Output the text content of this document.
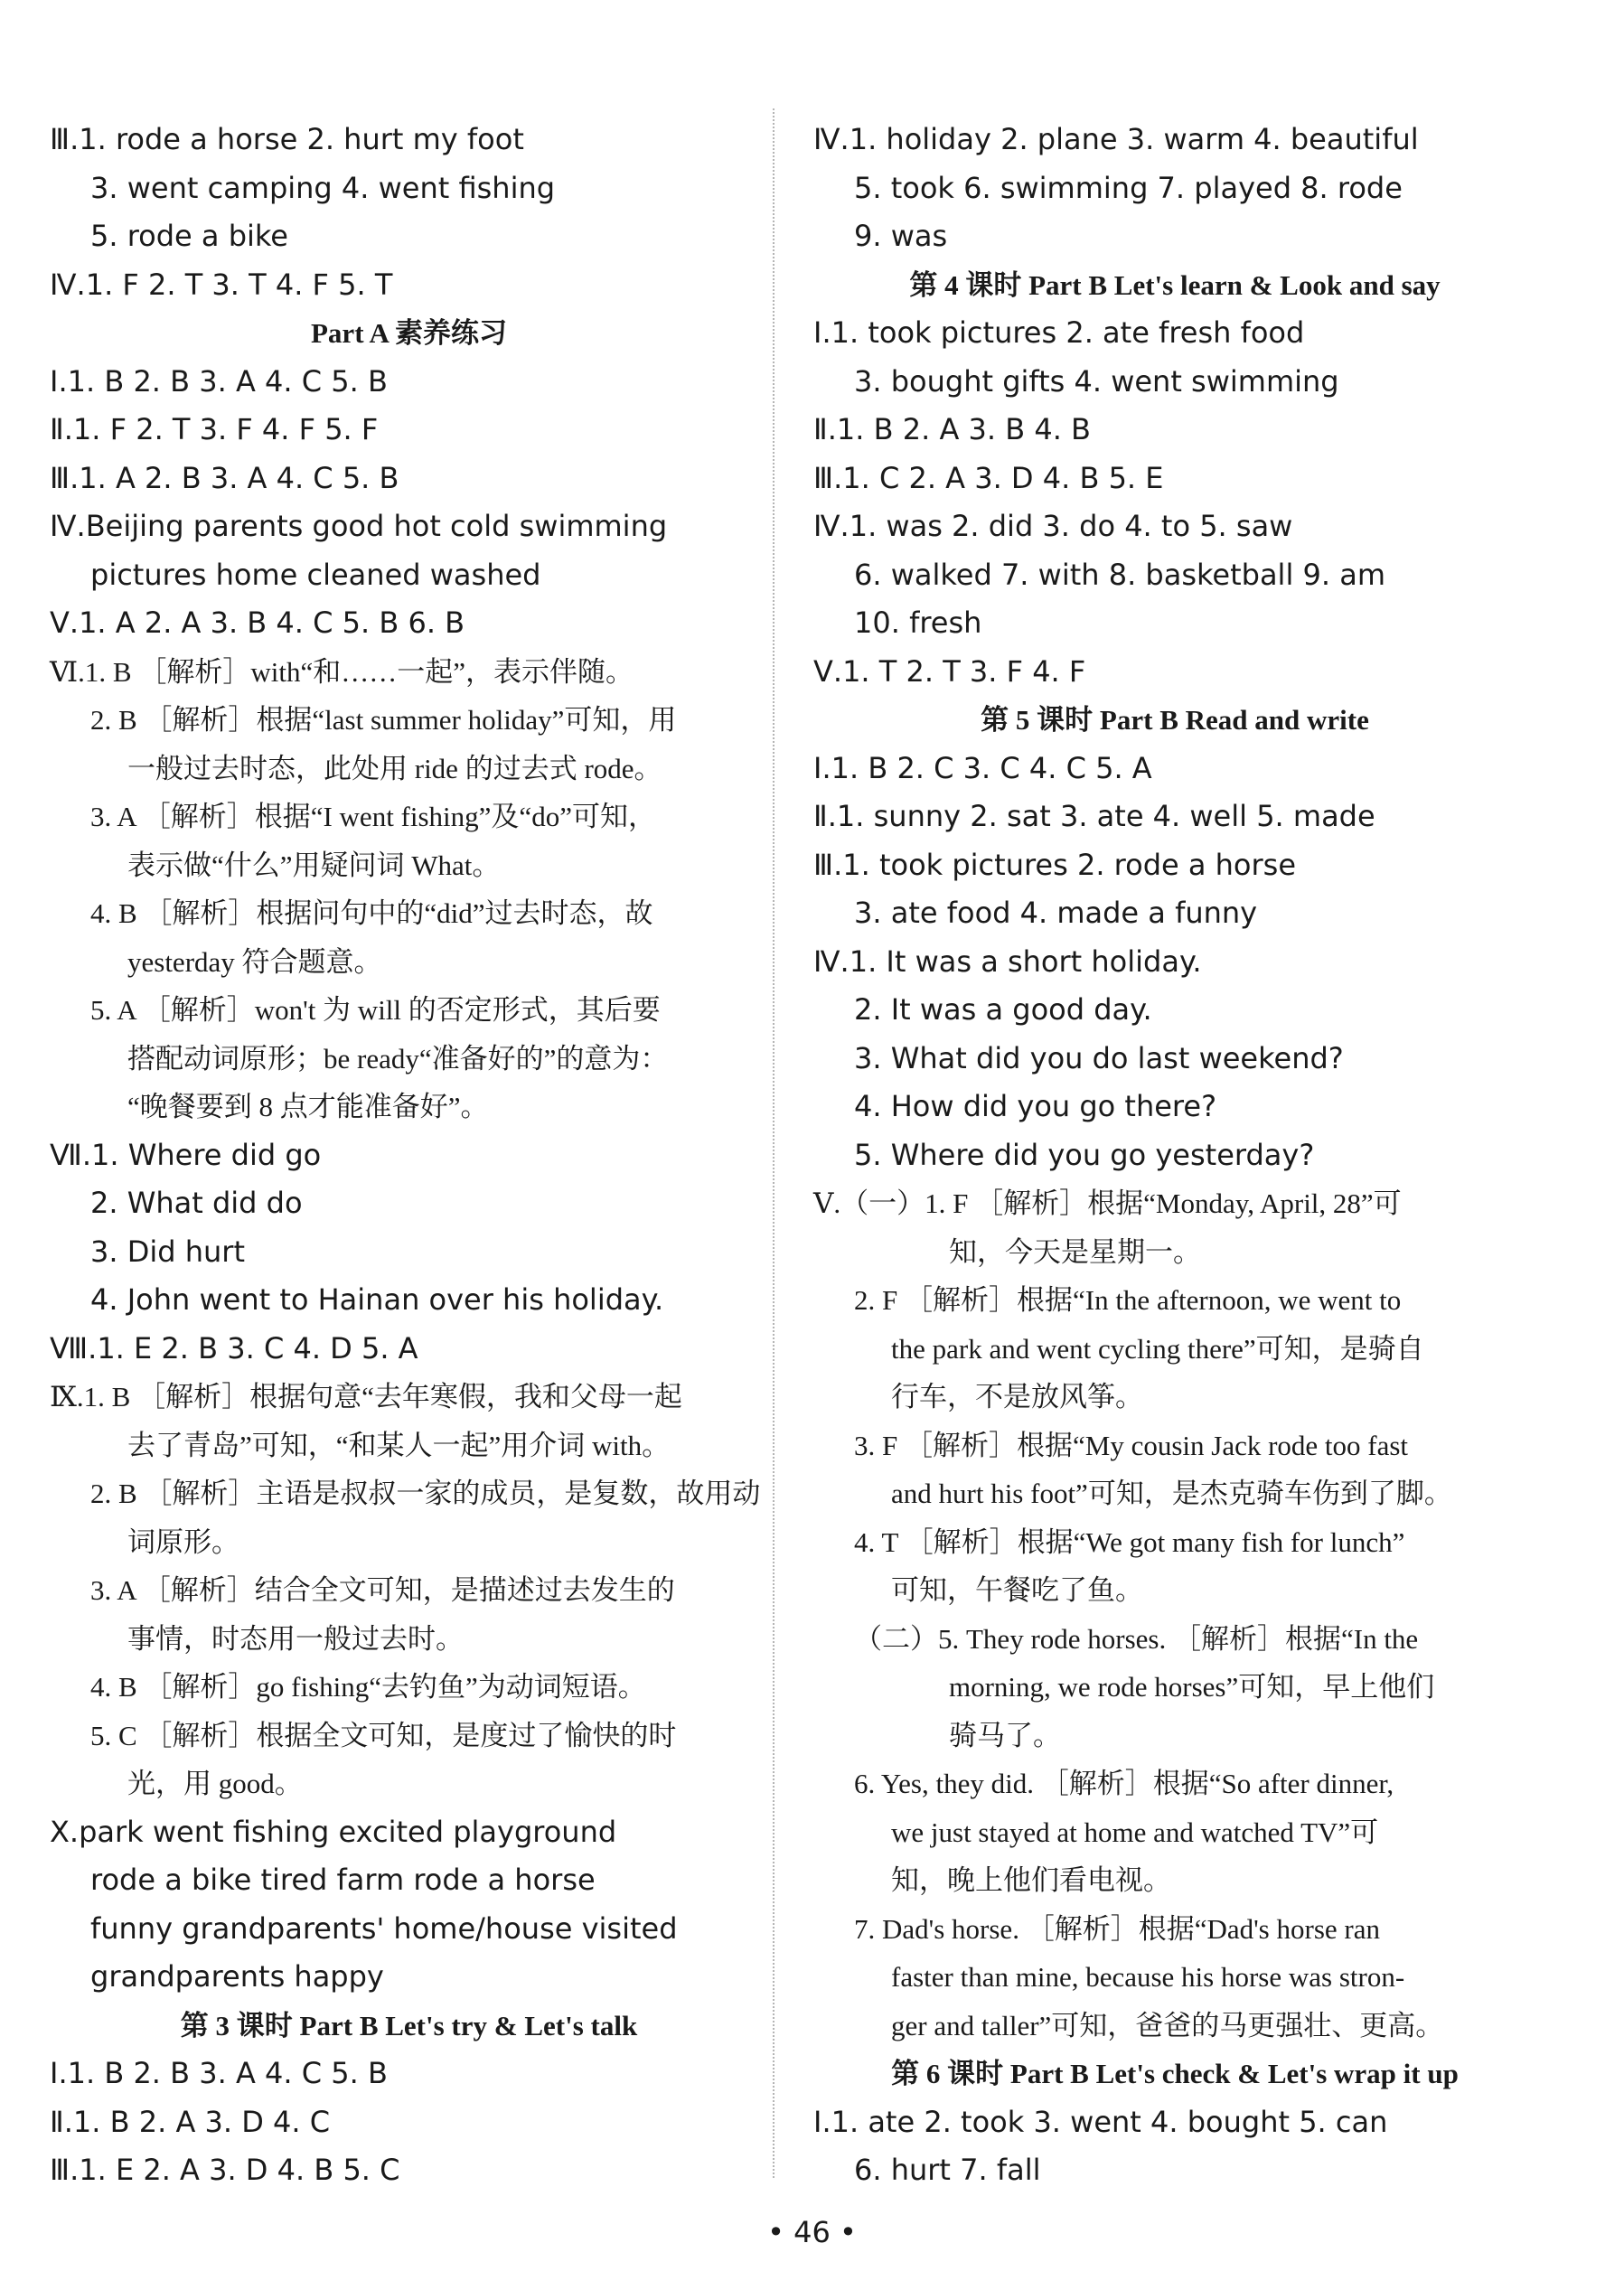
Ⅲ.1. rode a horse 2. hurt my foot
3. went camping 4. went fishing
5. rode a bike
Ⅳ.1. F 2. T 3. T 4. F 5. T
Part A 素养练习
Ⅰ.1. B 2. B 3. A 4. C 5. B
Ⅱ.1. F 2. T 3. F 4. F 5. F
Ⅲ.1. A 2. B 3. A 4. C 5. B
Ⅳ.Beijing parents good hot cold swimming
pictures home cleaned washed
Ⅴ.1. A 2. A 3. B 4. C 5. B 6. B
Ⅵ.1. B ［解析］with“和……一起”，表示伴随。
2. B ［解析］根据“last summer holiday”可知，用
一般过去时态，此处用 ride 的过去式 rode。
3. A ［解析］根据“I went fishing”及“do”可知，
表示做“什么”用疑问词 What。
4. B ［解析］根据问句中的“did”过去时态，故
yesterday 符合题意。
5. A ［解析］won't 为 will 的否定形式，其后要
搭配动词原形；be ready“准备好的”的意为：
“晚餐要到 8 点才能准备好”。
Ⅶ.1. Where did go
2. What did do
3. Did hurt
4. John went to Hainan over his holiday.
Ⅷ.1. E 2. B 3. C 4. D 5. A
Ⅸ.1. B ［解析］根据句意“去年寒假，我和父母一起
去了青岛”可知，“和某人一起”用介词 with。
2. B ［解析］主语是叔叔一家的成员，是复数，故用动
词原形。
3. A ［解析］结合全文可知，是描述过去发生的
事情，时态用一般过去时。
4. B ［解析］go fishing“去钓鱼”为动词短语。
5. C ［解析］根据全文可知，是度过了愉快的时
光，用 good。
Ⅹ.park went fishing excited playground
rode a bike tired farm rode a horse
funny grandparents' home/house visited
grandparents happy
第 3 课时 Part B Let's try & Let's talk
Ⅰ.1. B 2. B 3. A 4. C 5. B
Ⅱ.1. B 2. A 3. D 4. C
Ⅲ.1. E 2. A 3. D 4. B 5. C
Ⅳ.1. holiday 2. plane 3. warm 4. beautiful
5. took 6. swimming 7. played 8. rode
9. was
第 4 课时 Part B Let's learn & Look and say
Ⅰ.1. took pictures 2. ate fresh food
3. bought gifts 4. went swimming
Ⅱ.1. B 2. A 3. B 4. B
Ⅲ.1. C 2. A 3. D 4. B 5. E
Ⅳ.1. was 2. did 3. do 4. to 5. saw
6. walked 7. with 8. basketball 9. am
10. fresh
Ⅴ.1. T 2. T 3. F 4. F
第 5 课时 Part B Read and write
Ⅰ.1. B 2. C 3. C 4. C 5. A
Ⅱ.1. sunny 2. sat 3. ate 4. well 5. made
Ⅲ.1. took pictures 2. rode a horse
3. ate food 4. made a funny
Ⅳ.1. It was a short holiday.
2. It was a good day.
3. What did you do last weekend?
4. How did you go there?
5. Where did you go yesterday?
Ⅴ.（一）1. F ［解析］根据“Monday, April, 28”可
知，今天是星期一。
2. F ［解析］根据“In the afternoon, we went to
the park and went cycling there”可知，是骑自
行车，不是放风筝。
3. F ［解析］根据“My cousin Jack rode too fast
and hurt his foot”可知，是杰克骑车伤到了脚。
4. T ［解析］根据“We got many fish for lunch”
可知，午餐吃了鱼。
（二）5. They rode horses. ［解析］根据“In the
morning, we rode horses”可知，早上他们
骑马了。
6. Yes, they did. ［解析］根据“So after dinner,
we just stayed at home and watched TV”可
知，晚上他们看电视。
7. Dad's horse. ［解析］根据“Dad's horse ran
faster than mine, because his horse was stron-
ger and taller”可知，爸爸的马更强壮、更高。
第 6 课时 Part B Let's check & Let's wrap it up
Ⅰ.1. ate 2. took 3. went 4. bought 5. can
6. hurt 7. fall
• 46 •
